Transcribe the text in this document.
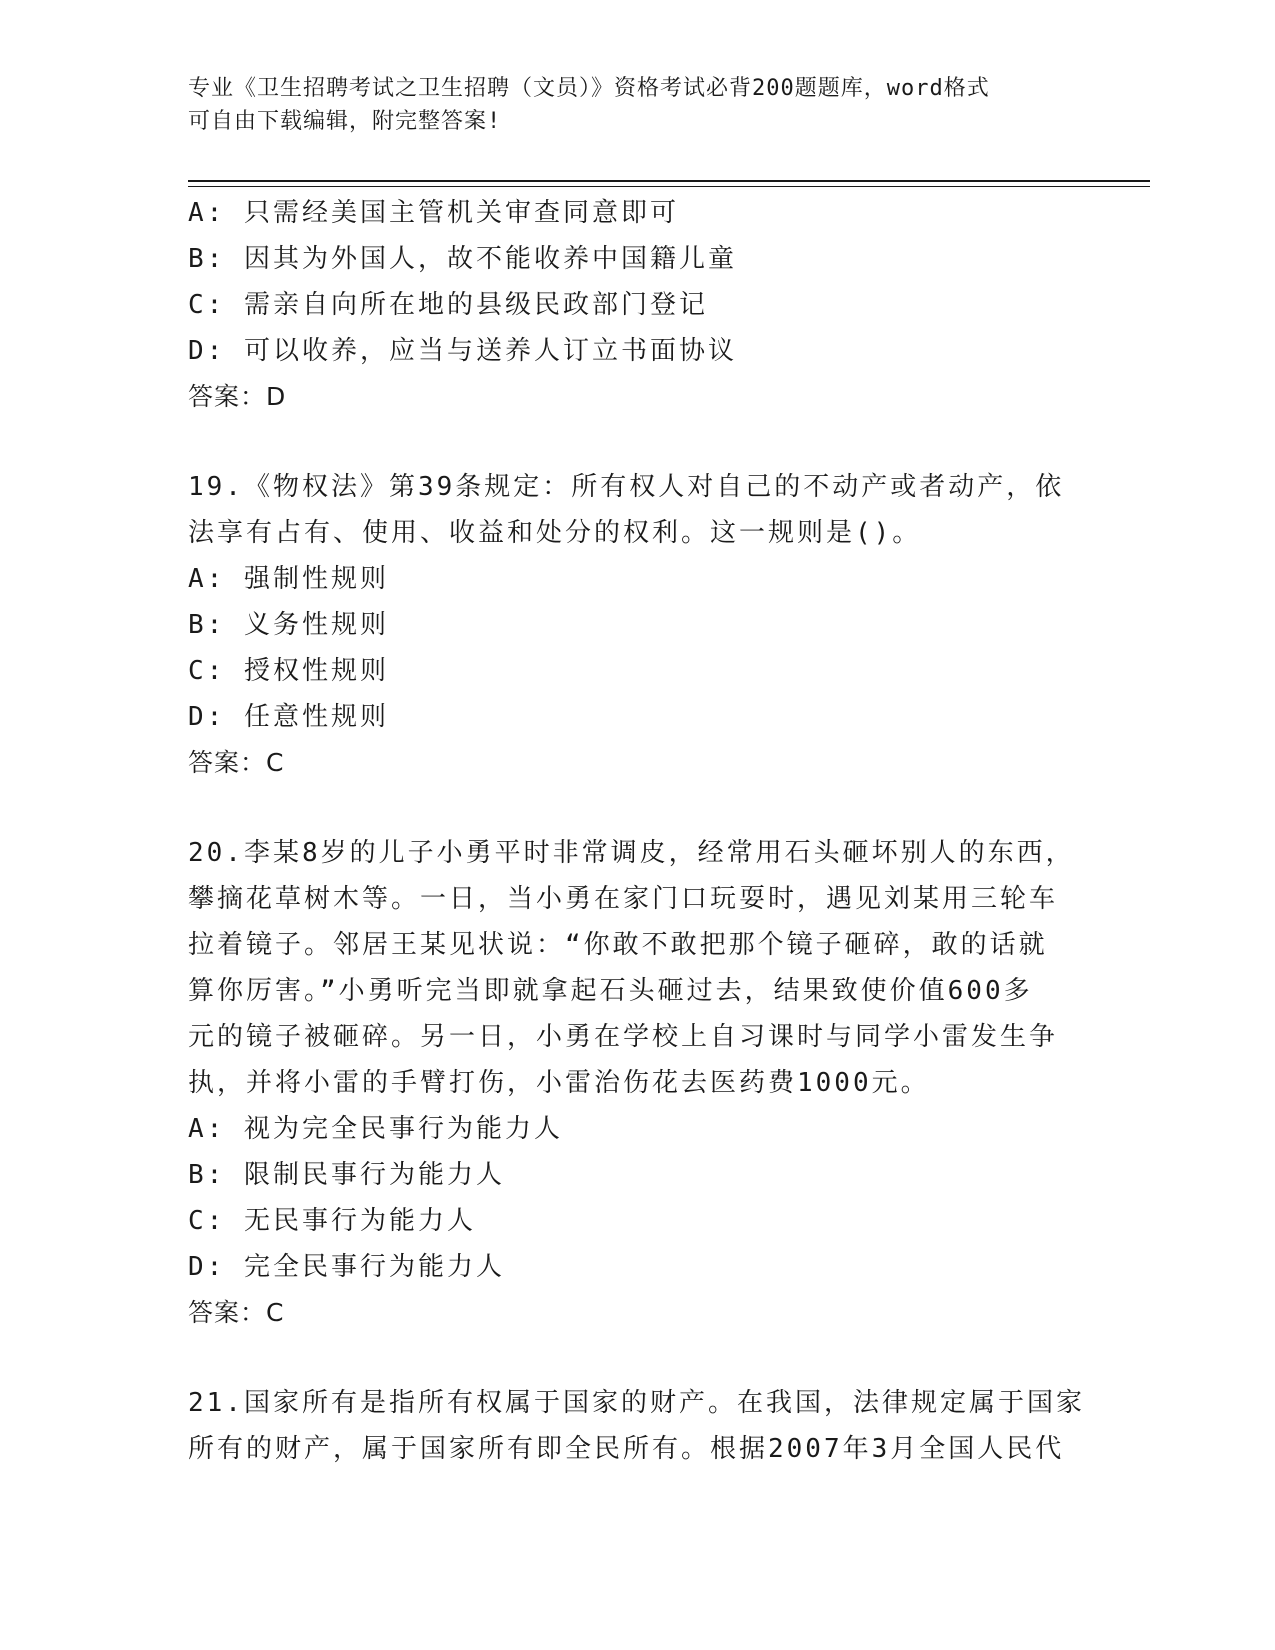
专业《卫生招聘考试之卫生招聘（文员）》资格考试必背200题题库，word格式
可自由下载编辑，附完整答案!
A: 只需经美国主管机关审查同意即可
B: 因其为外国人，故不能收养中国籍儿童
C: 需亲自向所在地的县级民政部门登记
D: 可以收养，应当与送养人订立书面协议
答案：D
19.《物权法》第39条规定：所有权人对自己的不动产或者动产，依
法享有占有、使用、收益和处分的权利。这一规则是()。
A: 强制性规则
B: 义务性规则
C: 授权性规则
D: 任意性规则
答案：C
20.李某8岁的儿子小勇平时非常调皮，经常用石头砸坏别人的东西，
攀摘花草树木等。一日，当小勇在家门口玩耍时，遇见刘某用三轮车
拉着镜子。邻居王某见状说：“你敢不敢把那个镜子砸碎，敢的话就
算你厉害。”小勇听完当即就拿起石头砸过去，结果致使价值600多
元的镜子被砸碎。另一日，小勇在学校上自习课时与同学小雷发生争
执，并将小雷的手臂打伤，小雷治伤花去医药费1000元。
A: 视为完全民事行为能力人
B: 限制民事行为能力人
C: 无民事行为能力人
D: 完全民事行为能力人
答案：C
21.国家所有是指所有权属于国家的财产。在我国，法律规定属于国家
所有的财产，属于国家所有即全民所有。根据2007年3月全国人民代
